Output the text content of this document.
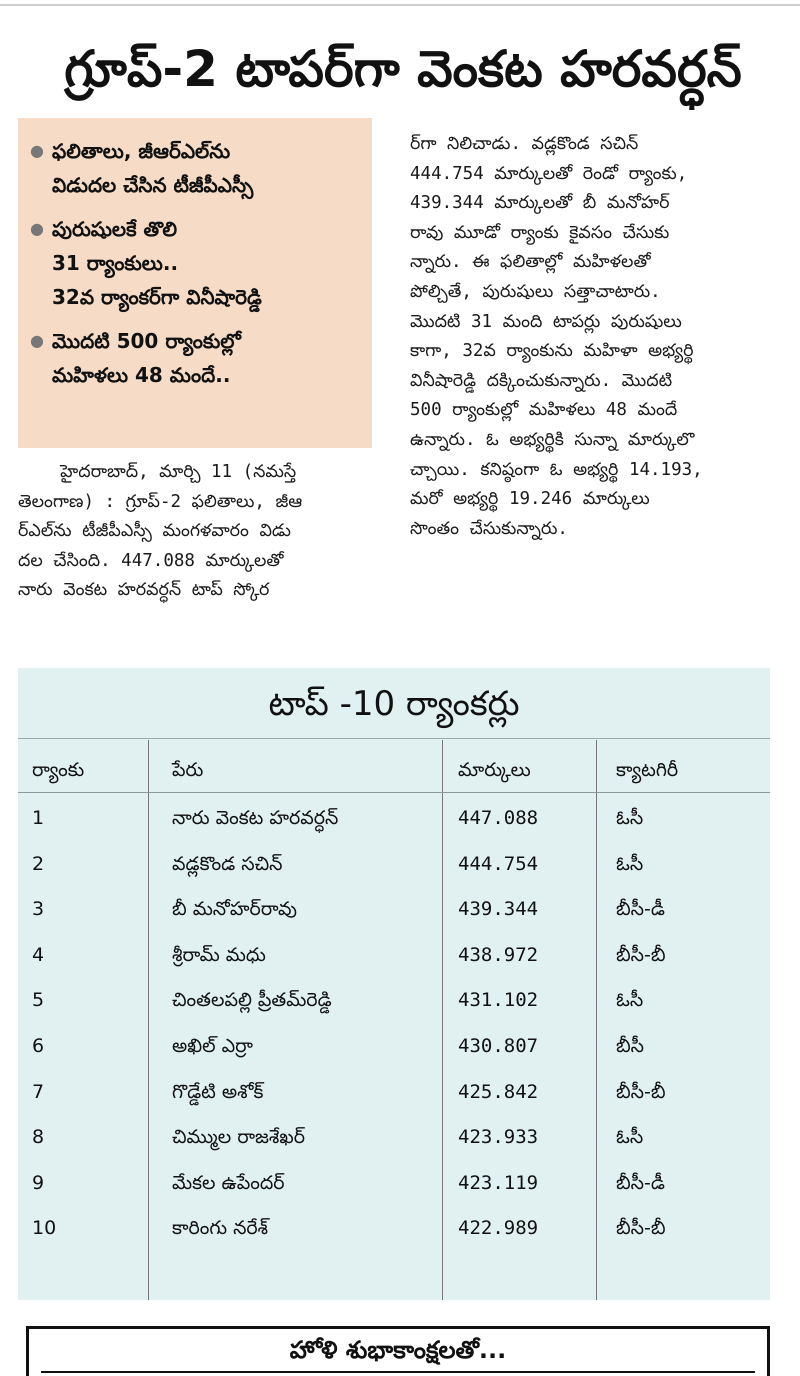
గ్రూప్‌-2 టాపర్‌గా వెంకట హరవర్ధన్‌
● ఫలితాలు, జీఆర్‌ఎల్‌ను
విడుదల చేసిన టీజీపీఎస్సీ
● పురుషులకే తొలి
31 ర్యాంకులు..
32వ ర్యాంకర్‌గా వినీషారెడ్డి
● మొదటి 500 ర్యాంకుల్లో
మహిళలు 48 మందే..
హైదరాబాద్‌, మార్చి 11 (నమస్తే
తెలంగాణ) : గ్రూప్‌-2 ఫలితాలు, జీఆ
ర్‌ఎల్‌ను టీజీపీఎస్సీ మంగళవారం విడు
దల చేసింది. 447.088 మార్కులతో
నారు వెంకట హరవర్ధన్‌ టాప్‌ స్కోర
ర్‌గా నిలిచాడు. వడ్లకొండ సచిన్‌
444.754 మార్కులతో రెండో ర్యాంకు,
439.344 మార్కులతో బీ మనోహర్‌
రావు మూడో ర్యాంకు కైవసం చేసుకు
న్నారు. ఈ ఫలితాల్లో మహిళలతో
పోల్చితే, పురుషులు సత్తాచాటారు.
మొదటి 31 మంది టాపర్లు పురుషులు
కాగా, 32వ ర్యాంకును మహిళా అభ్యర్థి
వినీషారెడ్డి దక్కించుకున్నారు. మొదటి
500 ర్యాంకుల్లో మహిళలు 48 మందే
ఉన్నారు. ఓ అభ్యర్థికి సున్నా మార్కులొ
చ్చాయి. కనిష్ఠంగా ఓ అభ్యర్థి 14.193,
మరో అభ్యర్థి 19.246 మార్కులు
సొంతం చేసుకున్నారు.
టాప్‌ -10 ర్యాంకర్లు
ర్యాంకు	పేరు	మార్కులు	క్యాటగిరీ
1	నారు వెంకట హరవర్ధన్‌	447.088	ఓసీ
2	వడ్లకొండ సచిన్‌	444.754	ఓసీ
3	బీ మనోహర్‌రావు	439.344	బీసీ-డీ
4	శ్రీరామ్‌ మధు	438.972	బీసీ-బీ
5	చింతలపల్లి ప్రీతమ్‌రెడ్డి	431.102	ఓసీ
6	అఖిల్‌ ఎర్రా	430.807	బీసీ
7	గొడ్డేటి అశోక్‌	425.842	బీసీ-బీ
8	చిమ్ముల రాజశేఖర్‌	423.933	ఓసీ
9	మేకల ఉపేందర్‌	423.119	బీసీ-డీ
10	కారింగు నరేశ్‌	422.989	బీసీ-బీ
హోళి శుభాకాంక్షలతో...
